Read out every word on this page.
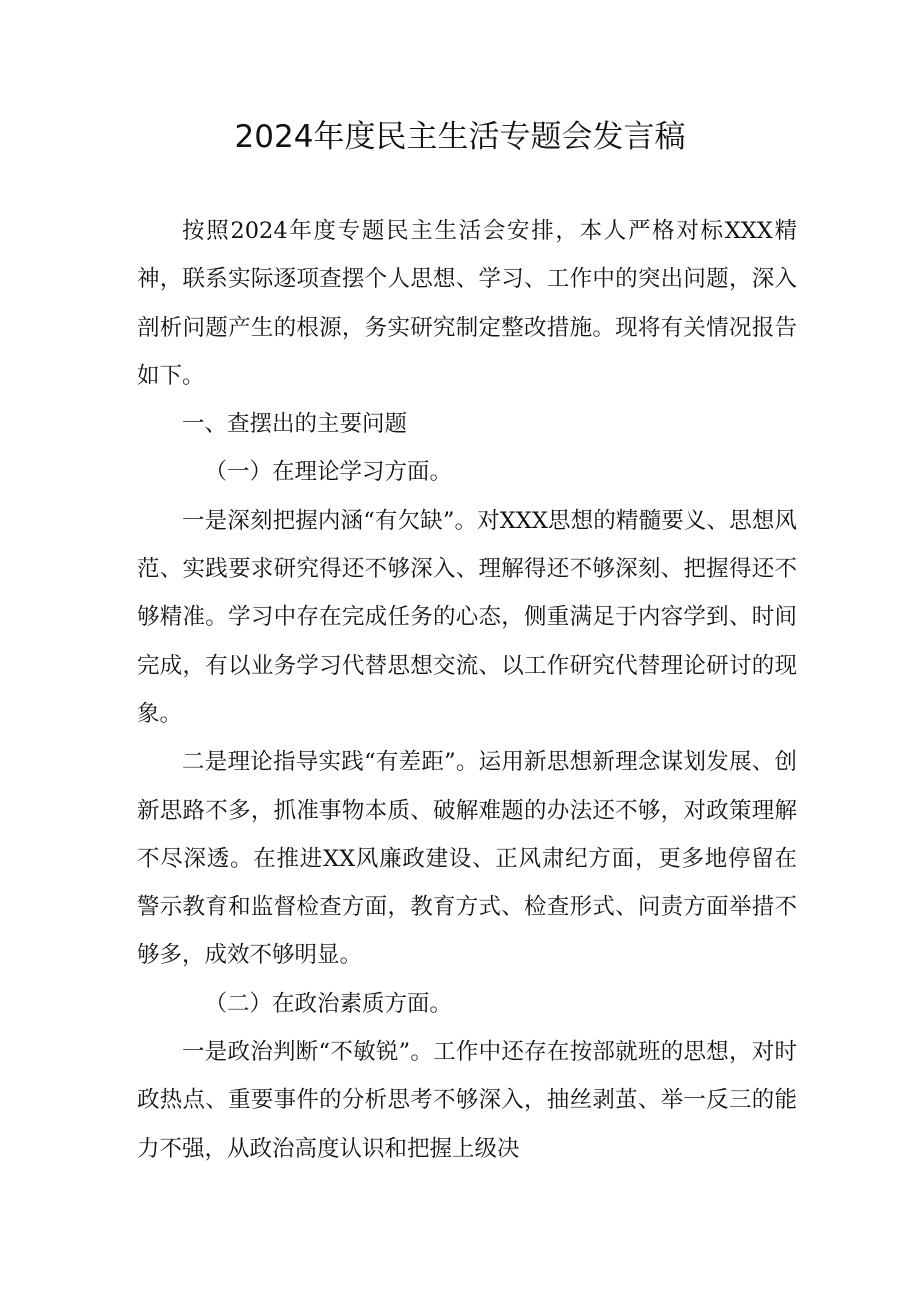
2024年度民主生活专题会发言稿

按照2024年度专题民主生活会安排，本人严格对标XXX精神，联系实际逐项查摆个人思想、学习、工作中的突出问题，深入剖析问题产生的根源，务实研究制定整改措施。现将有关情况报告如下。

一、查摆出的主要问题

（一）在理论学习方面。

一是深刻把握内涵“有欠缺”。对XXX思想的精髓要义、思想风范、实践要求研究得还不够深入、理解得还不够深刻、把握得还不够精准。学习中存在完成任务的心态，侧重满足于内容学到、时间完成，有以业务学习代替思想交流、以工作研究代替理论研讨的现象。

二是理论指导实践“有差距”。运用新思想新理念谋划发展、创新思路不多，抓准事物本质、破解难题的办法还不够，对政策理解不尽深透。在推进XX风廉政建设、正风肃纪方面，更多地停留在警示教育和监督检查方面，教育方式、检查形式、问责方面举措不够多，成效不够明显。

（二）在政治素质方面。

一是政治判断“不敏锐”。工作中还存在按部就班的思想，对时政热点、重要事件的分析思考不够深入，抽丝剥茧、举一反三的能力不强，从政治高度认识和把握上级决
